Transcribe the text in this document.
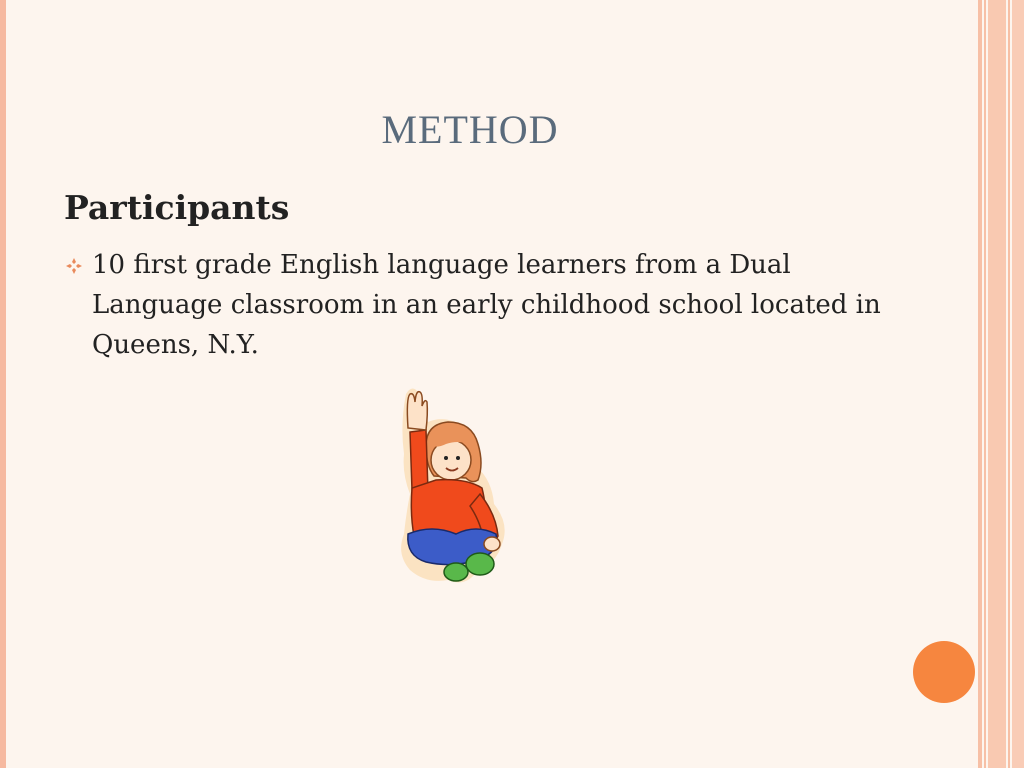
METHOD
Participants
10 first grade English language learners from a Dual Language classroom in an early childhood school located in Queens, N.Y.
